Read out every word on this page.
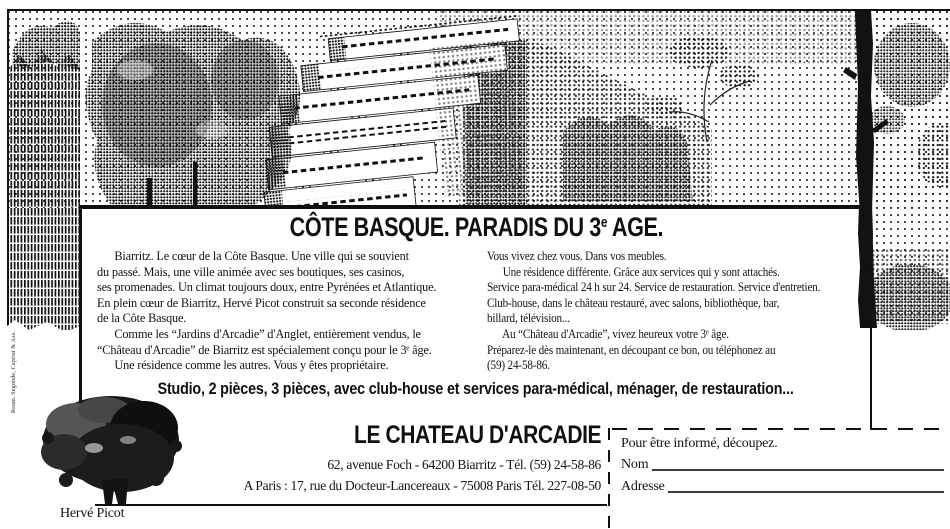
Ream. Segonde, Capriat & Ass.
CÔTE BASQUE. PARADIS DU 3e AGE.
Biarritz. Le cœur de la Côte Basque. Une ville qui se souvient
du passé. Mais, une ville animée avec ses boutiques, ses casinos,
ses promenades. Un climat toujours doux, entre Pyrénées et Atlantique.
En plein cœur de Biarritz, Hervé Picot construit sa seconde résidence
de la Côte Basque.
Comme les “Jardins d'Arcadie” d'Anglet, entièrement vendus, le
“Château d'Arcadie” de Biarritz est spécialement conçu pour le 3ᵉ âge.
Une résidence comme les autres. Vous y êtes propriétaire.
Vous vivez chez vous. Dans vos meubles.
Une résidence différente. Grâce aux services qui y sont attachés.
Service para-médical 24 h sur 24. Service de restauration. Service d'entretien.
Club-house, dans le château restauré, avec salons, bibliothèque, bar,
billard, télévision...
Au “Château d'Arcadie”, vivez heureux votre 3ᵉ âge.
Préparez-le dès maintenant, en découpant ce bon, ou téléphonez au
(59) 24-58-86.
Studio, 2 pièces, 3 pièces, avec club-house et services para-médical, ménager, de restauration...
Hervé Picot
LE CHATEAU D'ARCADIE
62, avenue Foch - 64200 Biarritz - Tél. (59) 24-58-86
A Paris : 17, rue du Docteur-Lancereaux - 75008 Paris Tél. 227-08-50
Pour être informé, découpez.
Nom
Adresse
